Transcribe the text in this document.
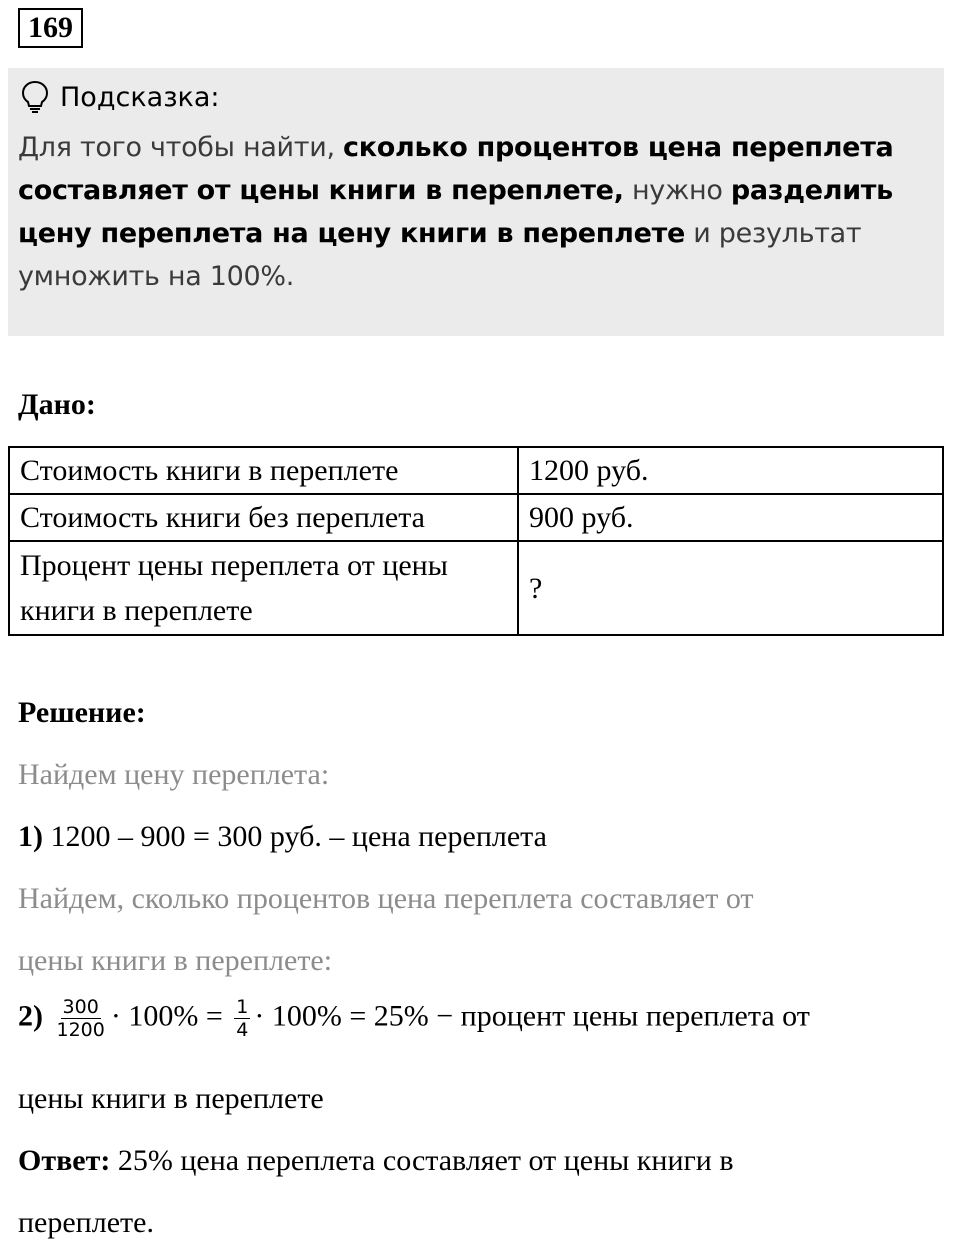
169
Подсказка:
Для того чтобы найти, сколько процентов цена переплета составляет от цены книги в переплете, нужно разделить цену переплета на цену книги в переплете и результат умножить на 100%.
Дано:
Стоимость книги в переплете	1200 руб.
Стоимость книги без переплета	900 руб.
Процент цены переплета от цены книги в переплете	?
Решение:
Найдем цену переплета:
1) 1200 – 900 = 300 руб. – цена переплета
Найдем, сколько процентов цена переплета составляет от
цены книги в переплете:
$2) \frac{300}{1200} \cdot 100\% = \frac{1}{4} \cdot 100\% = 25\%$ − процент цены переплета от
цены книги в переплете
Ответ: 25% цена переплета составляет от цены книги в
переплете.
